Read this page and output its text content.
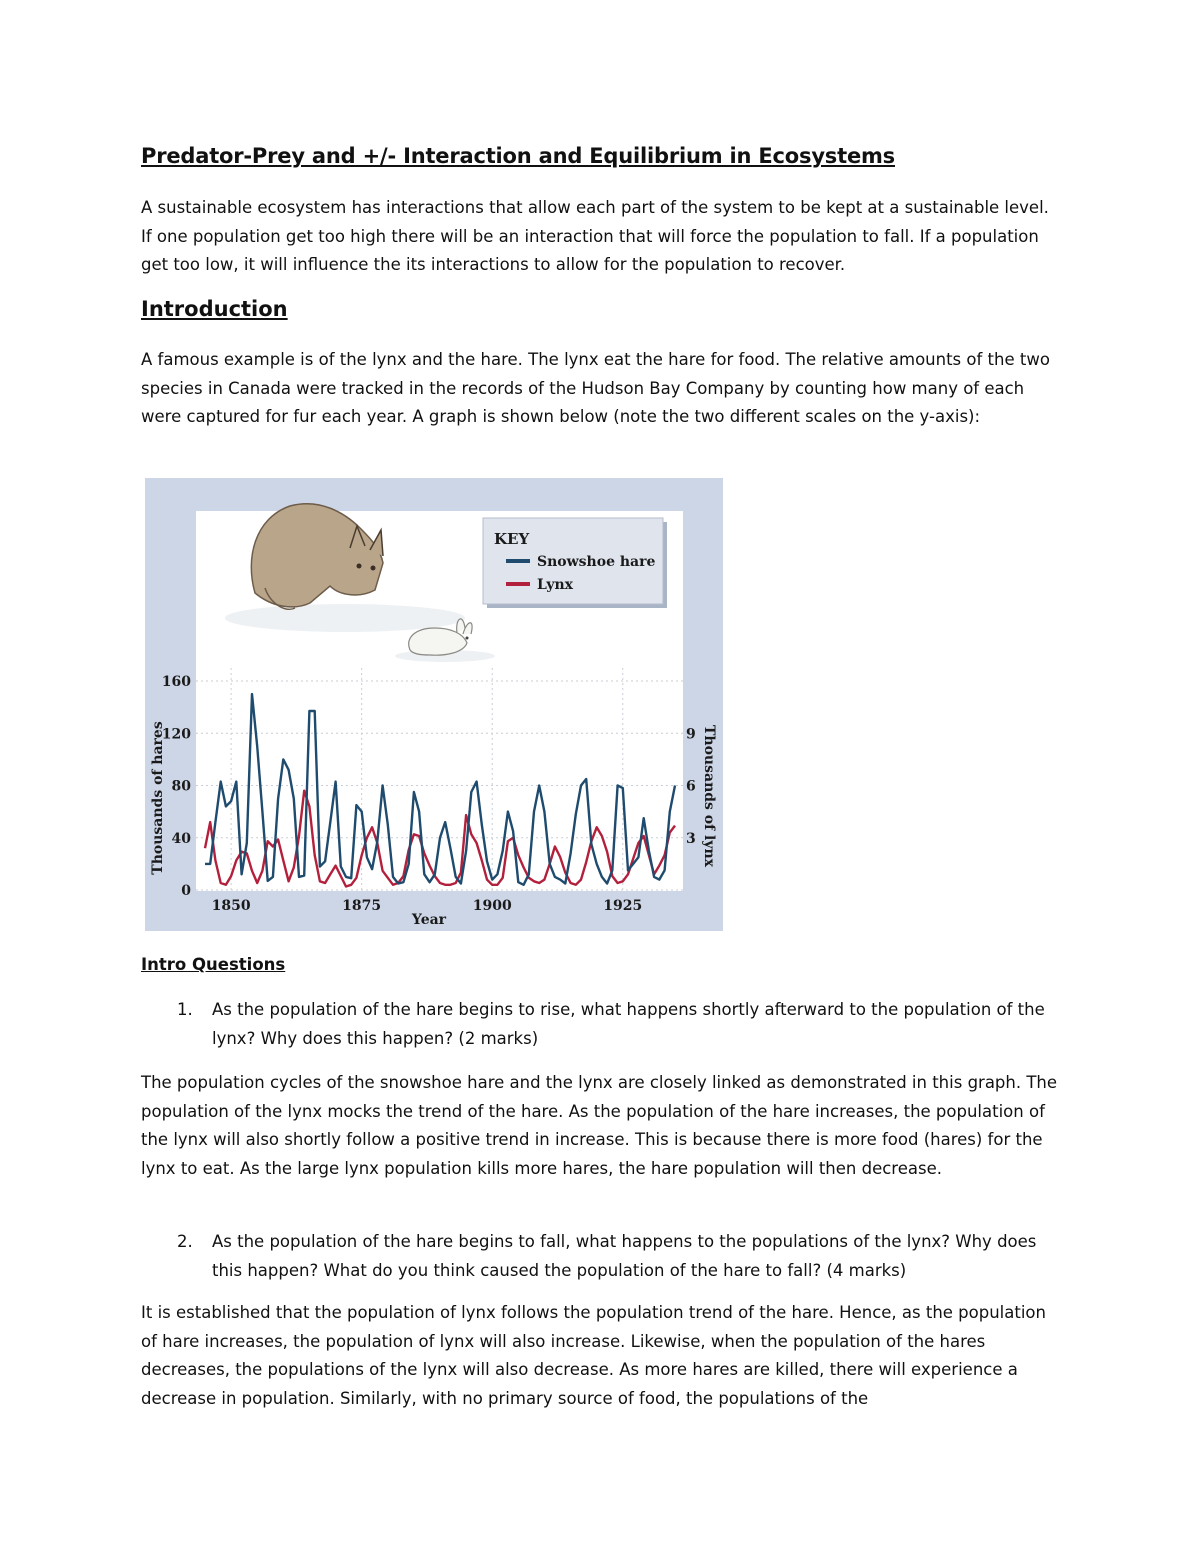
Predator-Prey and +/- Interaction and Equilibrium in Ecosystems

A sustainable ecosystem has interactions that allow each part of the system to be kept at a sustainable level. If one population get too high there will be an interaction that will force the population to fall. If a population get too low, it will influence the its interactions to allow for the population to recover.

Introduction

A famous example is of the lynx and the hare. The lynx eat the hare for food. The relative amounts of the two species in Canada were tracked in the records of the Hudson Bay Company by counting how many of each were captured for fur each year. A graph is shown below (note the two different scales on the y-axis):

Intro Questions
1. As the population of the hare begins to rise, what happens shortly afterward to the population of the lynx? Why does this happen? (2 marks)

The population cycles of the snowshoe hare and the lynx are closely linked as demonstrated in this graph. The population of the lynx mocks the trend of the hare. As the population of the hare increases, the population of the lynx will also shortly follow a positive trend in increase. This is because there is more food (hares) for the lynx to eat. As the large lynx population kills more hares, the hare population will then decrease.

2. As the population of the hare begins to fall, what happens to the populations of the lynx? Why does this happen? What do you think caused the population of the hare to fall? (4 marks)

It is established that the population of lynx follows the population trend of the hare. Hence, as the population of hare increases, the population of lynx will also increase. Likewise, when the population of the hares decreases, the populations of the lynx will also decrease. As more hares are killed, there will experience a decrease in population. Similarly, with no primary source of food, the populations of the

KEY
Snowshoe hare
Lynx
0
40
80
120
160
1850	1875	1900	1925
3
6
9
Year
Thousands of hares	Thousands of lynx
